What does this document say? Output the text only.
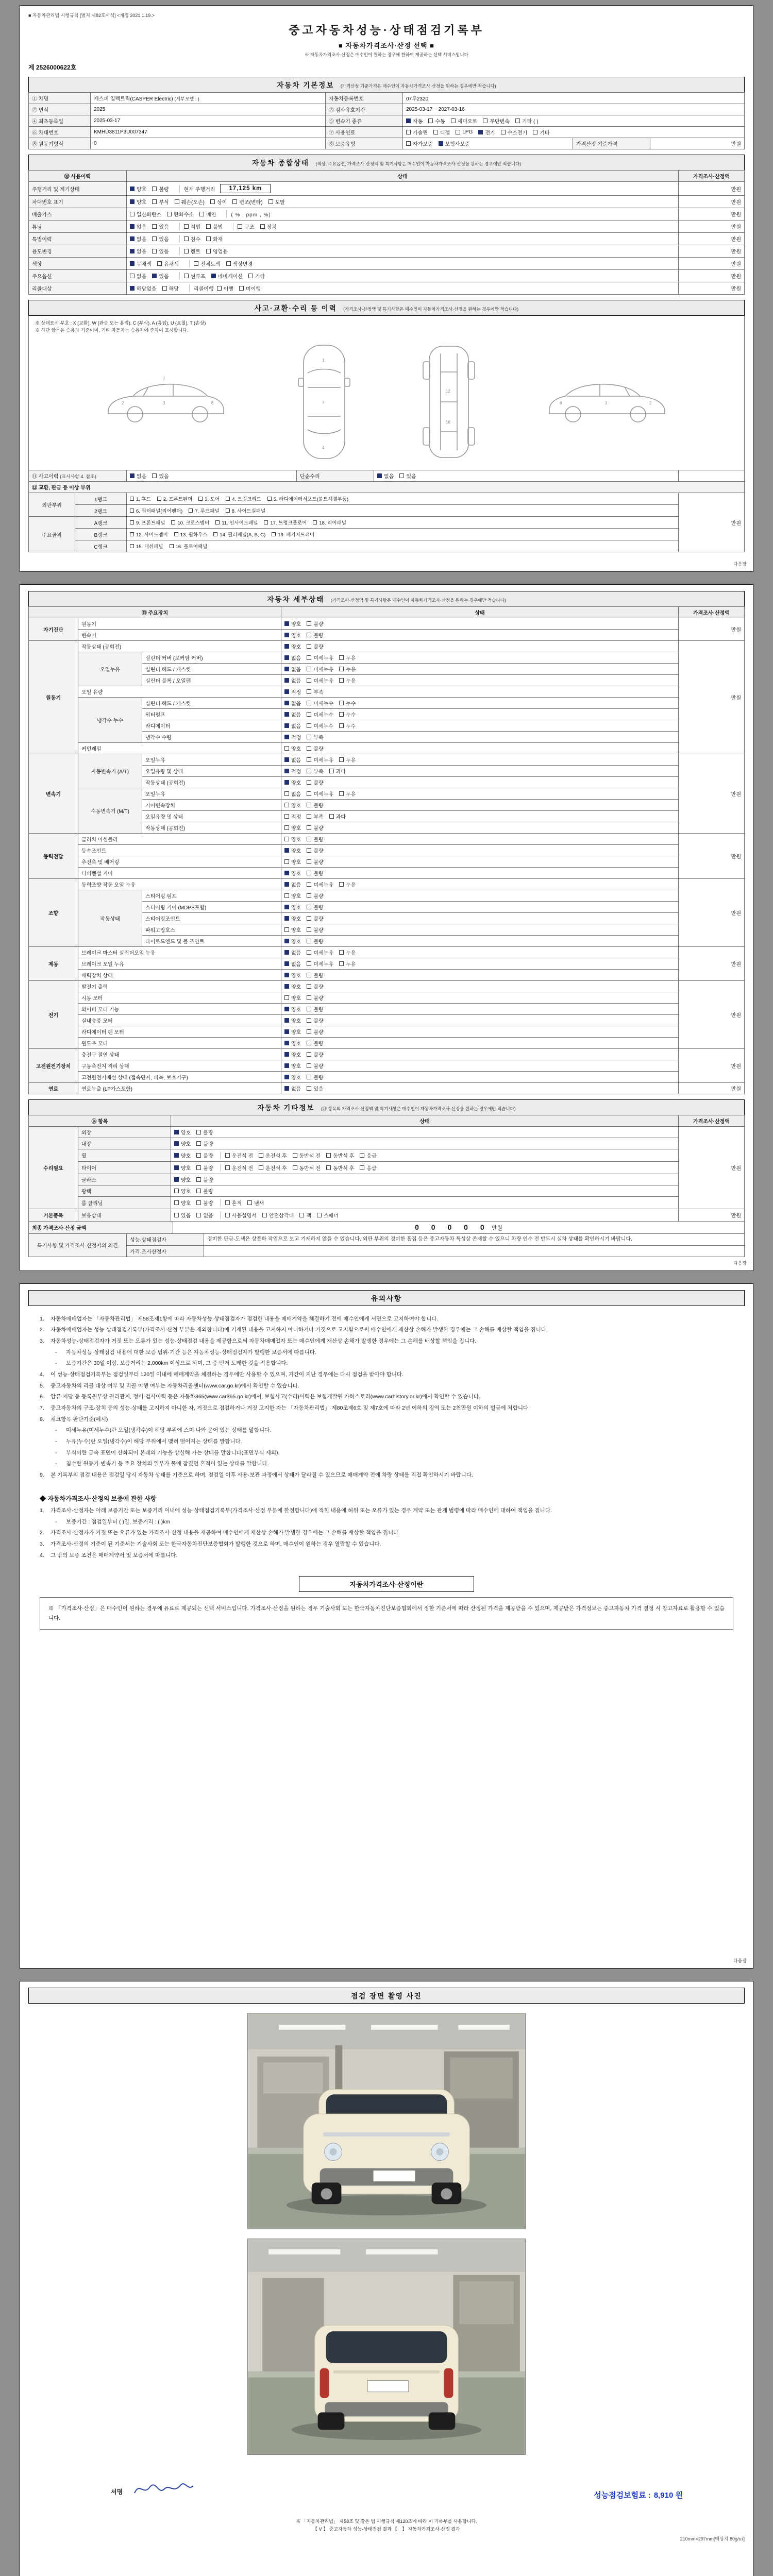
■ 자동차관리법 시행규칙 [별지 제82호서식] <개정 2021.1.19.>
중고자동차성능·상태점검기록부
■ 자동차가격조사·산정 선택 ■
※ 자동차가격조사·산정은 매수인이 원하는 경우에 한하여 제공하는 선택 서비스입니다
제 2526000622호
자동차 기본정보 (가격산정 기준가격은 매수인이 자동차가격조사·산정을 원하는 경우에만 적습니다)
① 차명	캐스퍼 일렉트릭(CASPER Electric) (세부모델 : )	자동차등록번호	07루2320		
② 연식	2025	③ 검사유효기간	2025-03-17 ~ 2027-03-16		
④ 최초등록일	2025-03-17	⑤ 변속기 종류	자동 수동 세미오토 무단변속 기타 ( )		
⑥ 차대번호	KMHU3811P3U007347	⑦ 사용연료	가솔린 디젤 LPG 전기 수소전기 기타
⑧ 원동기형식	0	⑨ 보증유형	자가보증 보험사보증	가격산정 기준가격	만원
자동차 종합상태 (색상, 주요옵션, 가격조사·산정액 및 특기사항은 매수인이 자동차가격조사·산정을 원하는 경우에만 적습니다)
⑩ 사용이력	상태	가격조사·산정액
주행거리 및 계기상태	양호 불량 현재 주행거리 17,125 km	만원
차대번호 표기	양호	부식	훼손(오손)	상이	변조(변타)	도말	만원
배출가스	일산화탄소 탄화수소 매연 ( % , ppm , %)	만원
튜닝	없음	있음	적법	불법	구조	장치	만원
특별이력	없음 있음 침수 화재	만원
용도변경	없음 있음 렌트 영업용	만원
색상	무채색 유채색 전체도색 색상변경	만원
주요옵션	없음 있음 썬루프 네비게이션 기타	만원
리콜대상	해당없음 해당 리콜이행 이행 미이행	만원
사고·교환·수리 등 이력 (가격조사·산정액 및 특기사항은 매수인이 자동차가격조사·산정을 원하는 경우에만 적습니다)
※ 상태표시 부호 : X (교환), W (판금 또는 용접), C (부식), A (흠집), U (요철), T (손상)
※ 하단 항목은 승용차 기준이며, 기타 자동차는 승용차에 준하여 표시합니다.
7
2	3	6
1
7
4
12
16
6	3	2
⑪ 사고이력 (표시사항 4. 참조)	없음 있음	단순수리	없음 있음	
⑫ 교환, 판금 등 이상 부위			
외판부위	1랭크	1. 후드 2. 프론트펜더 3. 도어 4. 트렁크리드 5. 라디에이터서포트(볼트체결부품)	만원
	2랭크	6. 쿼터패널(리어펜더) 7. 루프패널 8. 사이드실패널	
주요골격	A랭크	9. 프론트패널 10. 크로스멤버 11. 인사이드패널 17. 트렁크플로어 18. 리어패널	
	B랭크	12. 사이드멤버 13. 휠하우스 14. 필러패널(A, B, C) 19. 패키지트레이	
	C랭크	15. 대쉬패널 16. 플로어패널	
다음장
자동차 세부상태 (가격조사·산정액 및 특기사항은 매수인이 자동차가격조사·산정을 원하는 경우에만 적습니다)
⑬ 주요장치			상태	가격조사·산정액
자기진단	원동기		양호 불량	만원
	변속기		양호 불량	
원동기	작동상태 (공회전)		양호 불량	만원
	오일누유	실린더 커버 (로커암 커버)	없음 미세누유 누유	
		실린더 헤드 / 개스킷	없음 미세누유 누유	
		실린더 블록 / 오일팬	없음 미세누유 누유	
	오일 유량		적정 부족	
	냉각수 누수	실린더 헤드 / 개스킷	없음 미세누수 누수	
		워터펌프	없음 미세누수 누수	
		라디에이터	없음 미세누수 누수	
		냉각수 수량	적정 부족	
	커먼레일		양호 불량	
변속기	자동변속기 (A/T)	오일누유	없음 미세누유 누유	만원
		오일유량 및 상태	적정 부족 과다	
		작동상태 (공회전)	양호 불량	
	수동변속기 (M/T)	오일누유	없음 미세누유 누유	
		기어변속장치	양호 불량	
		오일유량 및 상태	적정 부족 과다	
		작동상태 (공회전)	양호 불량	
동력전달	클러치 어셈블리		양호 불량	만원
	등속조인트		양호 불량	
	추진축 및 베어링		양호 불량	
	디퍼렌셜 기어		양호 불량	
조향	동력조향 작동 오일 누유		없음 미세누유 누유	만원
	작동상태	스티어링 펌프	양호 불량	
		스티어링 기어 (MDPS포함)	양호 불량	
		스티어링조인트	양호 불량	
		파워고압호스	양호 불량	
		타이로드엔드 및 볼 조인트	양호 불량	
제동	브레이크 마스터 실린더오일 누유		없음 미세누유 누유	만원
	브레이크 오일 누유		없음 미세누유 누유	
	배력장치 상태		양호 불량	
전기	발전기 출력		양호 불량	만원
	시동 모터		양호 불량	
	와이퍼 모터 기능		양호 불량	
	실내송풍 모터		양호 불량	
	라디에이터 팬 모터		양호 불량	
	윈도우 모터		양호 불량	
고전원전기장치	충전구 절연 상태		양호 불량	만원
	구동축전지 격리 상태		양호 불량	
	고전원전기배선 상태 (접속단자, 피복, 보호기구)		양호 불량	
연료	연료누출 (LP가스포함)		없음 있음	만원
자동차 기타정보 (⑭ 항목의 가격조사·산정액 및 특기사항은 매수인이 자동차가격조사·산정을 원하는 경우에만 적습니다)
⑭ 항목		상태	가격조사·산정액
수리필요	외장	양호 불량	만원
	내장	양호 불량	
휠	양호 불량	운전석 전	운전석 후	동반석 전	동반석 후	응급

타이어	양호 불량	운전석 전	운전석 후	동반석 전	동반석 후	응급

	글라스	양호 불량	
	광택	양호 불량	
	룸 클리닝	양호 불량 흔적 냄새	

기본품목	보유상태	있음 없음	사용설명서	안전삼각대	잭	스패너	만원
최종 가격조사·산정 금액	0 0 0 0 0 만원
특기사항 및 가격조사·산정자의 의견	성능·상태점검자	경미한 판금·도색은 상품화 작업으로 보고 기재하지 않을 수 있습니다. 외판 부위의 경미한 흠집 등은 중고자동차 특성상 존재할 수 있으니 차량 인수 전 반드시 실차 상태를 확인하시기 바랍니다.
	가격·조사산정자	
다음장
유의사항
1.	자동차매매업자는 「자동차관리법」 제58조제1항에 따라 자동차성능·상태점검자가 점검한 내용을 매매계약을 체결하기 전에 매수인에게 서면으로 고지하여야 합니다.
2.	자동차매매업자는 성능·상태점검기록부(가격조사·산정 부분은 제외합니다)에 기재된 내용을 고지하지 아니하거나 거짓으로 고지함으로써 매수인에게 재산상 손해가 발생한 경우에는 그 손해를 배상할 책임을 집니다.
3.	자동차성능·상태점검자가 거짓 또는 오류가 있는 성능·상태점검 내용을 제공함으로써 자동차매매업자 또는 매수인에게 재산상 손해가 발생한 경우에는 그 손해를 배상할 책임을 집니다.
-	자동차성능·상태점검 내용에 대한 보증 범위·기간 등은 자동차성능·상태점검자가 발행한 보증서에 따릅니다.
-	보증기간은 30일 이상, 보증거리는 2,000km 이상으로 하며, 그 중 먼저 도래한 것을 적용합니다.
4.	이 성능·상태점검기록부는 점검일부터 120일 이내에 매매계약을 체결하는 경우에만 사용할 수 있으며, 기간이 지난 경우에는 다시 점검을 받아야 합니다.
5.	중고자동차의 리콜 대상 여부 및 리콜 이행 여부는 자동차리콜센터(www.car.go.kr)에서 확인할 수 있습니다.
6.	압류·저당 등 등록원부상 권리관계, 정비·검사이력 등은 자동차365(www.car365.go.kr)에서, 보험사고(수리)이력은 보험개발원 카히스토리(www.carhistory.or.kr)에서 확인할 수 있습니다.
7.	중고자동차의 구조·장치 등의 성능·상태를 고지하지 아니한 자, 거짓으로 점검하거나 거짓 고지한 자는 「자동차관리법」 제80조제6호 및 제7호에 따라 2년 이하의 징역 또는 2천만원 이하의 벌금에 처합니다.
8.	체크항목 판단기준(예시)
-	미세누유(미세누수)란 오일(냉각수)이 해당 부위에 스며 나와 묻어 있는 상태를 말합니다.
-	누유(누수)란 오일(냉각수)이 해당 부위에서 맺혀 떨어지는 상태를 말합니다.
-	부식이란 금속 표면이 산화되어 본래의 기능을 상실해 가는 상태를 말합니다(표면부식 제외).
-	침수란 원동기·변속기 등 주요 장치의 일부가 물에 잠겼던 흔적이 있는 상태를 말합니다.
9.	본 기록부의 점검 내용은 점검일 당시 자동차 상태를 기준으로 하며, 점검일 이후 사용·보관 과정에서 상태가 달라질 수 있으므로 매매계약 전에 차량 상태를 직접 확인하시기 바랍니다.
◆ 자동차가격조사·산정의 보증에 관한 사항
1.	가격조사·산정자는 아래 보증기간 또는 보증거리 이내에 성능·상태점검기록부(가격조사·산정 부분에 한정합니다)에 적힌 내용에 허위 또는 오류가 있는 경우 계약 또는 관계 법령에 따라 매수인에 대하여 책임을 집니다.
-	보증기간 : 점검일부터 ( )일, 보증거리 : ( )km
2.	가격조사·산정자가 거짓 또는 오류가 있는 가격조사·산정 내용을 제공하여 매수인에게 재산상 손해가 발생한 경우에는 그 손해를 배상할 책임을 집니다.
3.	가격조사·산정의 기준이 된 기준서는 기술사회 또는 한국자동차진단보증협회가 발행한 것으로 하며, 매수인이 원하는 경우 열람할 수 있습니다.
4.	그 밖의 보증 조건은 매매계약서 및 보증서에 따릅니다.
자동차가격조사·산정이란
※ 「가격조사·산정」은 매수인이 원하는 경우에 유료로 제공되는 선택 서비스입니다. 가격조사·산정을 원하는 경우 기술사회 또는 한국자동차진단보증협회에서 정한 기준서에 따라 산정된 가격을 제공받을 수 있으며, 제공받은 가격정보는 중고자동차 가격 결정 시 참고자료로 활용할 수 있습니다.
다음장
점검 장면 촬영 사진
서명	성능점검보험료 : 8,910 원
※ 「자동차관리법」 제58조 및 같은 법 시행규칙 제120조에 따라 이 기록부를 사용합니다.
【 V 】 중고자동차 성능·상태점검 결과 【　】 자동차가격조사·산정 결과
210mm×297mm[백상지 80g/㎡]
